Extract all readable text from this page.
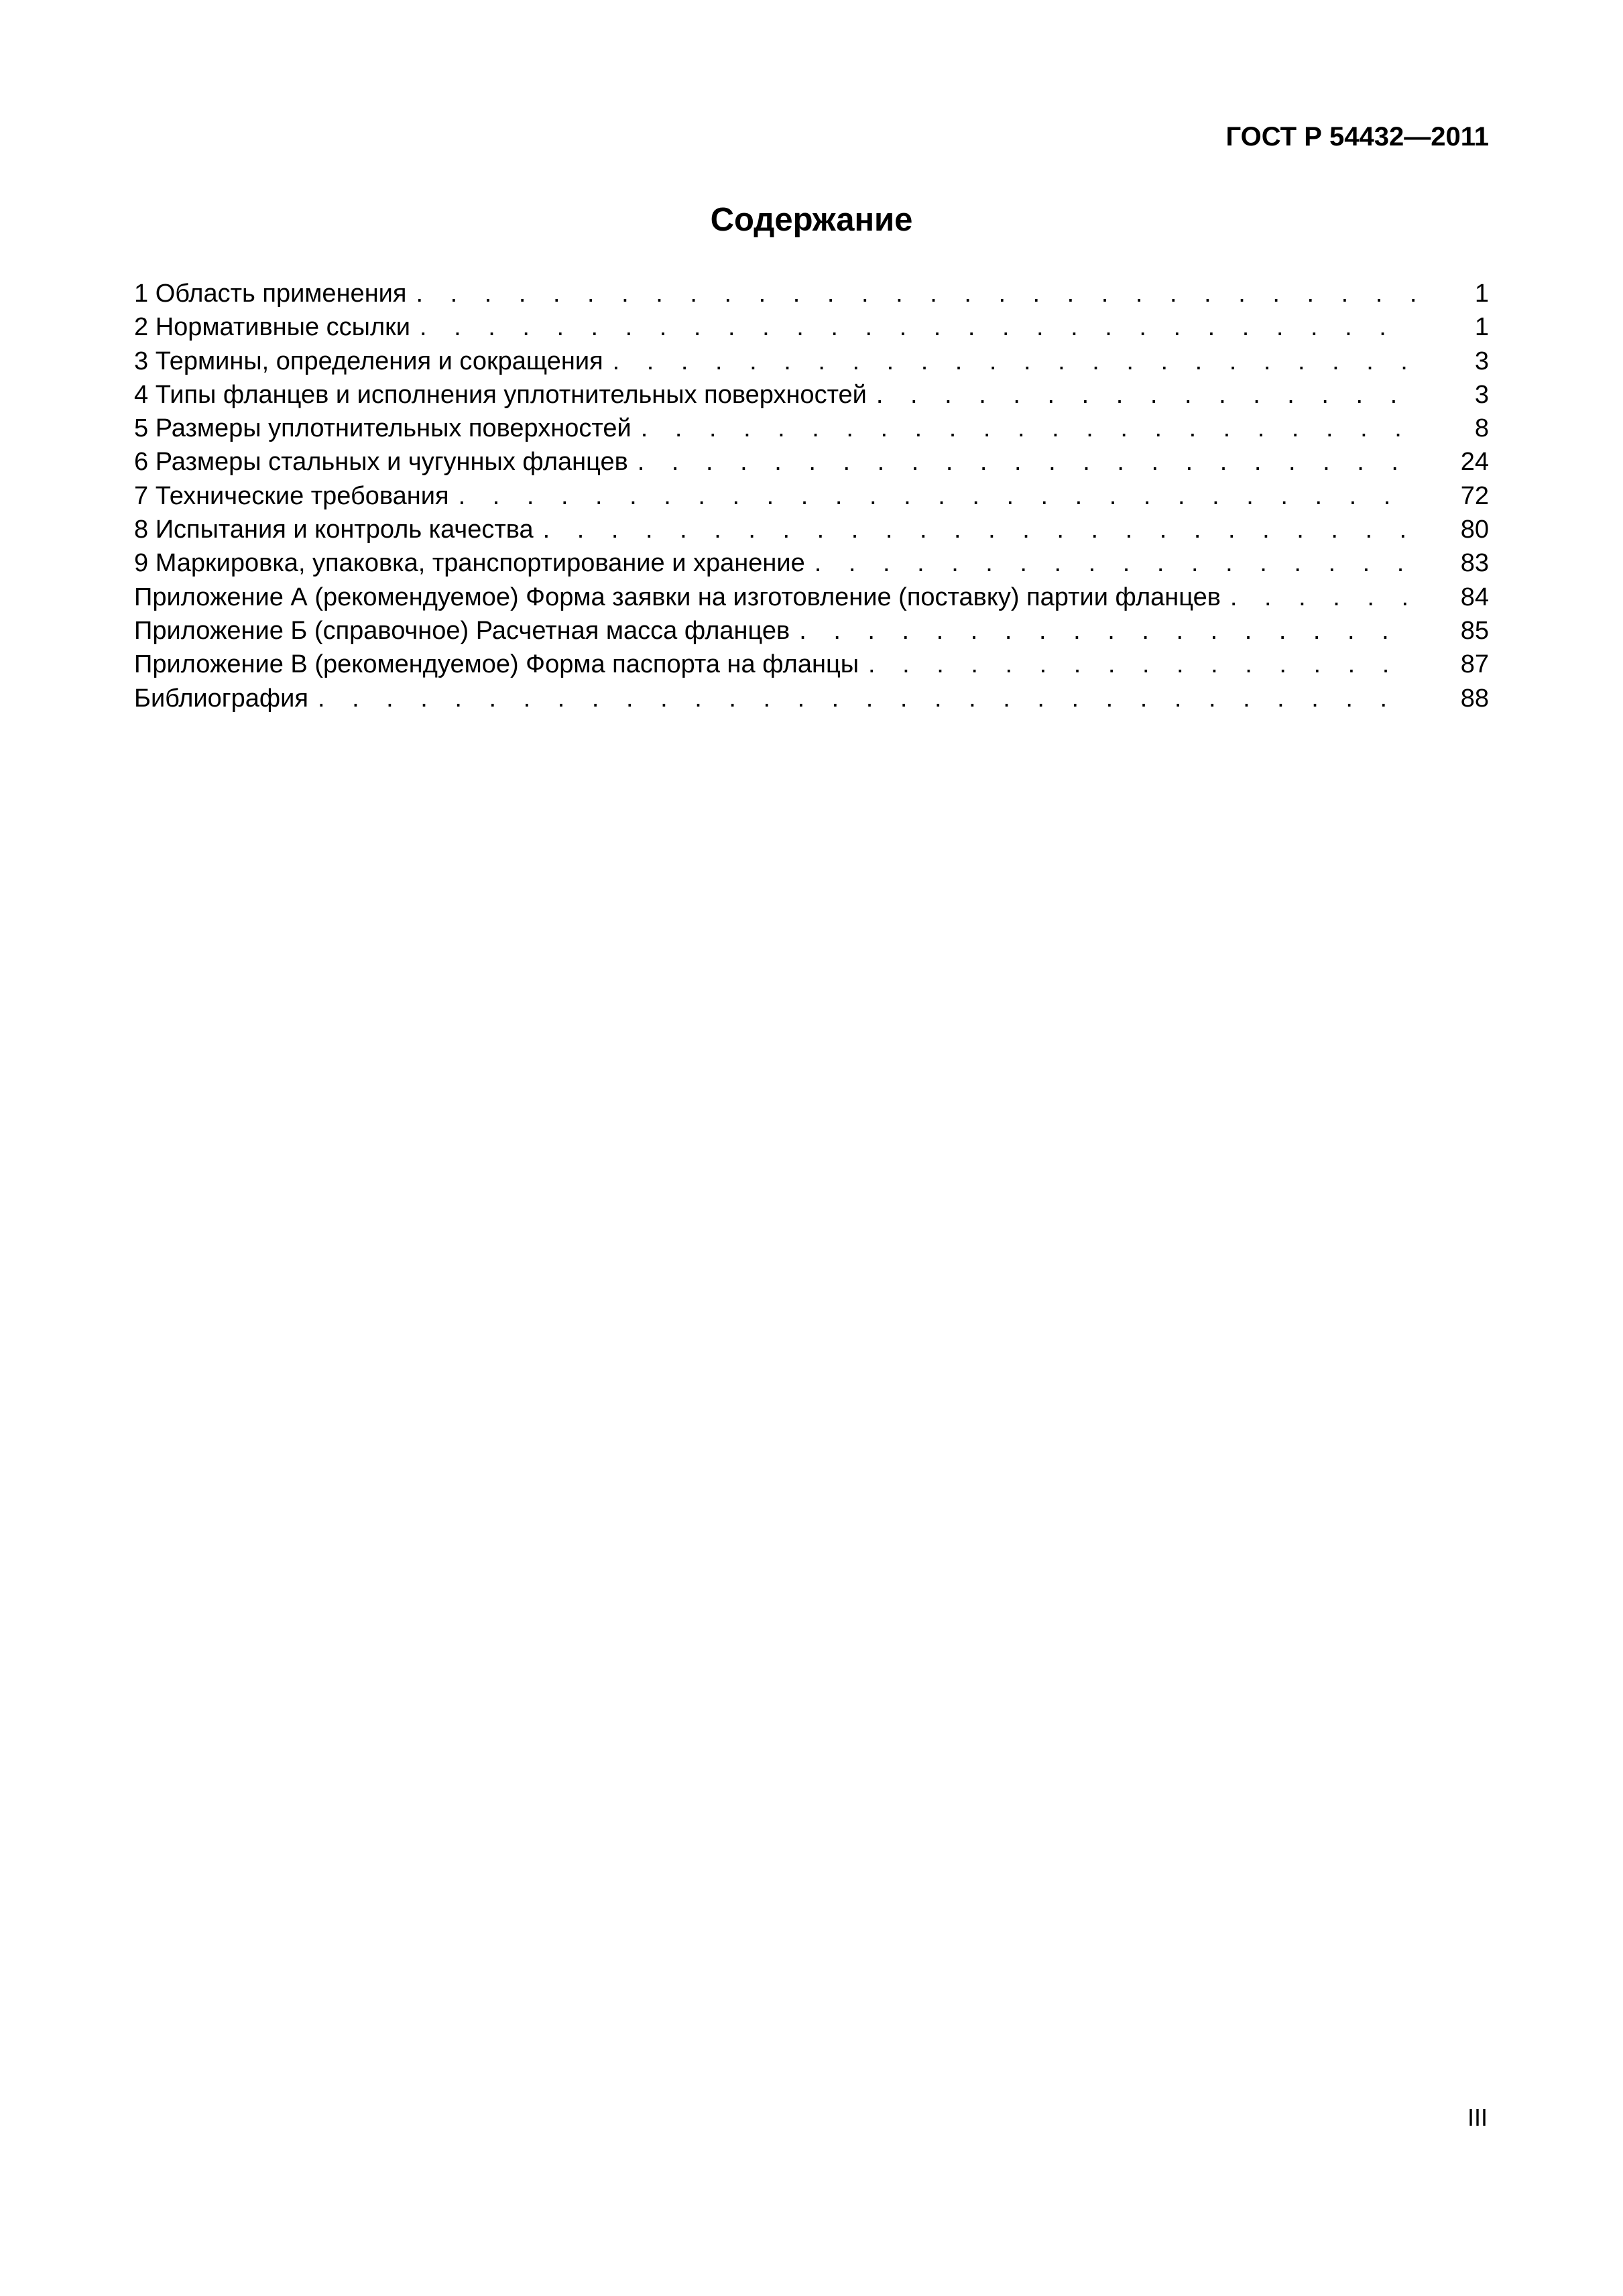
ГОСТ Р 54432—2011
Содержание
1 Область применения . . .	1
2 Нормативные ссылки . . .	1
3 Термины, определения и сокращения . . .	3
4 Типы фланцев и исполнения уплотнительных поверхностей . . .	3
5 Размеры уплотнительных поверхностей . . .	8
6 Размеры стальных и чугунных фланцев . . .	24
7 Технические требования . . .	72
8 Испытания и контроль качества . . .	80
9 Маркировка, упаковка, транспортирование и хранение . . .	83
Приложение А (рекомендуемое) Форма заявки на изготовление (поставку) партии фланцев . . .	84
Приложение Б (справочное) Расчетная масса фланцев . . .	85
Приложение В (рекомендуемое) Форма паспорта на фланцы . . .	87
Библиография . . .	88
III
